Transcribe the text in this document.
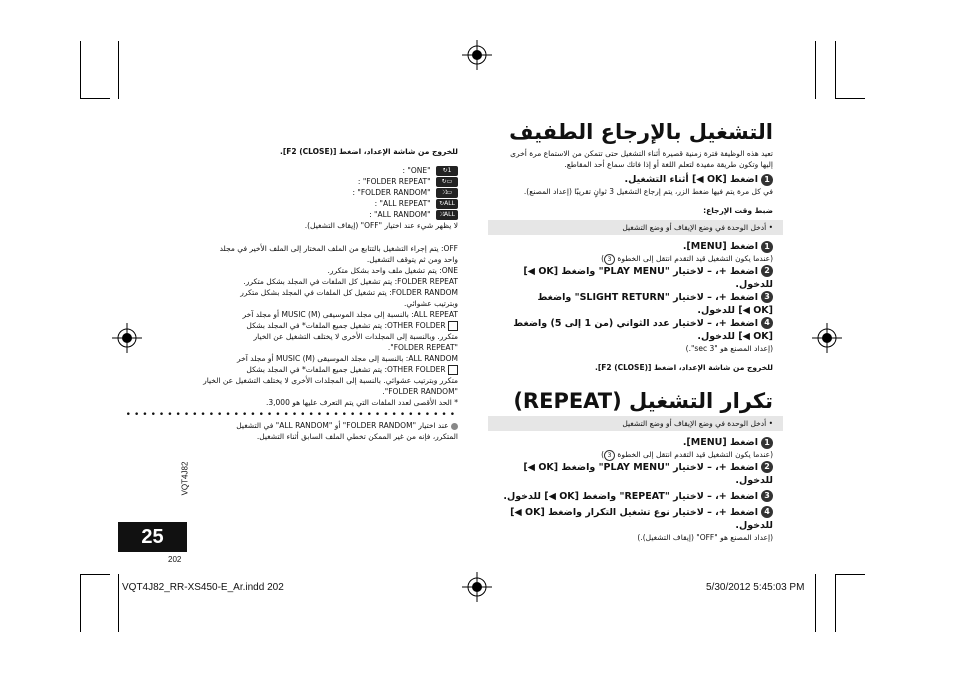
التشغيل بالإرجاع الطفيف
تعيد هذه الوظيفة فترة زمنية قصيرة أثناء التشغيل حتى تتمكن من الاستماع مرة أخرى
إليها وتكون طريقة مفيدة لتعلم اللغة أو إذا فاتك سماع أحد المقاطع.
1اضغط [OK ◀] أثناء التشغيل.
في كل مرة يتم فيها ضغط الزر، يتم إرجاع التشغيل 3 ثوانٍ تقريبًا (إعداد المصنع).
ضبط وقت الإرجاع:
• أدخل الوحدة في وضع الإيقاف أو وضع التشغيل
1اضغط [MENU].
(عندما يكون التشغيل قيد التقدم انتقل إلى الخطوة 3)
2اضغط +، – لاختيار "PLAY MENU" واضغط [OK ◀]
للدخول.
3اضغط +، – لاختيار "SLIGHT RETURN" واضغط
[OK ◀] للدخول.
4اضغط +، – لاختيار عدد الثواني (من 1 إلى 5) واضغط
[OK ◀] للدخول.
(إعداد المصنع هو "3 sec".)
للخروج من شاشة الإعداد، اضغط [F2 (CLOSE)].
تكرار التشغيل (REPEAT)
• أدخل الوحدة في وضع الإيقاف أو وضع التشغيل
1اضغط [MENU].
(عندما يكون التشغيل قيد التقدم انتقل إلى الخطوة 3)
2اضغط +، – لاختيار "PLAY MENU" واضغط [OK ◀]
للدخول.
3اضغط +، – لاختيار "REPEAT" واضغط [OK ◀] للدخول.
4اضغط +، – لاختيار نوع تشغيل التكرار واضغط [OK ◀]
للدخول.
(إعداد المصنع هو "OFF" (إيقاف التشغيل).)
للخروج من شاشة الإعداد، اضغط [F2 (CLOSE)].
1↻ "ONE" :
▭↻ "FOLDER REPEAT" :
▭⤨ "FOLDER RANDOM" :
ALL↻ "ALL REPEAT" :
ALL⤨ "ALL RANDOM" :
لا يظهر شيء عند اختيار "OFF" (إيقاف التشغيل).
OFF: يتم إجراء التشغيل بالتتابع من الملف المختار إلى الملف الأخير في مجلد
واحد ومن ثم يتوقف التشغيل.
ONE: يتم تشغيل ملف واحد بشكل متكرر.
FOLDER REPEAT: يتم تشغيل كل الملفات في المجلد بشكل متكرر.
FOLDER RANDOM: يتم تشغيل كل الملفات في المجلد بشكل متكرر
وبترتيب عشوائي.
ALL REPEAT: بالنسبة إلى مجلد الموسيقى (M) MUSIC أو مجلد آخر
OTHER FOLDER: يتم تشغيل جميع الملفات* في المجلد بشكل
متكرر. وبالنسبة إلى المجلدات الأخرى لا يختلف التشغيل عن الخيار
"FOLDER REPEAT".
ALL RANDOM: بالنسبة إلى مجلد الموسيقى (M) MUSIC أو مجلد آخر
OTHER FOLDER: يتم تشغيل جميع الملفات* في المجلد بشكل
متكرر وبترتيب عشوائي. بالنسبة إلى المجلدات الأخرى لا يختلف التشغيل عن الخيار
"FOLDER RANDOM".
* الحد الأقصى لعدد الملفات التي يتم التعرف عليها هو 3,000.
••••••••••••••••••••••••••••••••••••••••
عند اختيار "FOLDER RANDOM" أو "ALL RANDOM" في التشغيل
المتكرر، فإنه من غير الممكن تخطي الملف السابق أثناء التشغيل.
VQT4J82
25
202
VQT4J82_RR-XS450-E_Ar.indd 202	5/30/2012 5:45:03 PM
